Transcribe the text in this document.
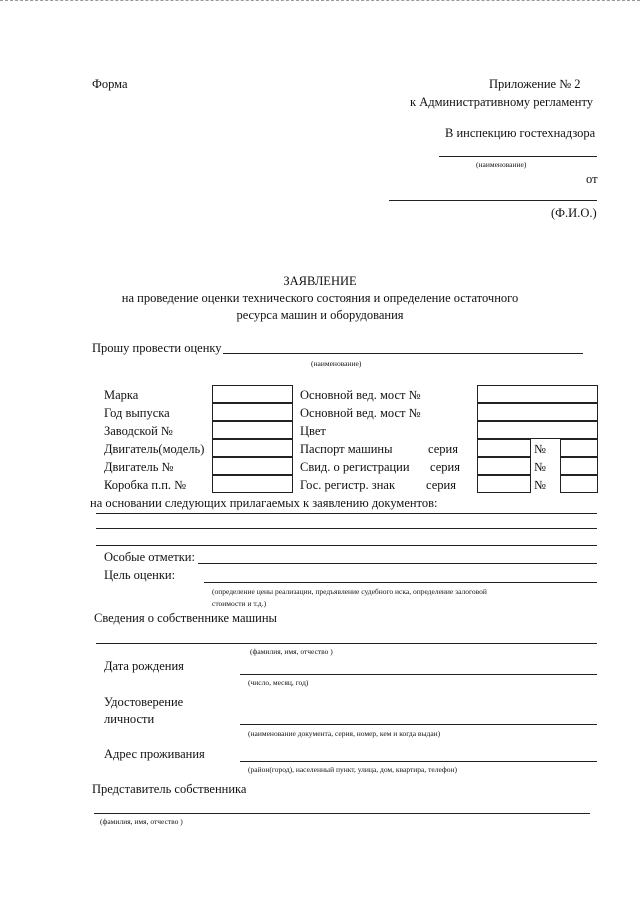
Форма	Приложение № 2
к Административному регламенту
В инспекцию гостехнадзора
(наименование)
от
(Ф.И.О.)
ЗАЯВЛЕНИЕ
на проведение оценки технического состояния и определение остаточного
ресурса машин и оборудования
Прошу провести оценку
(наименование)
Марка
Год выпуска
Заводской №
Двигатель(модель)
Двигатель №
Коробка п.п. №
Основной вед. мост №
Основной вед. мост №
Цвет
Паспорт машины
Свид. о регистрации
Гос. регистр. знак
серия
серия
серия
№
№
№
на основании следующих прилагаемых к заявлению документов:
Особые отметки:
Цель оценки:
(определение цены реализации, предъявление судебного иска, определение залоговой
стоимости и т.д.)
Сведения о собственнике машины
(фамилия, имя, отчество )
Дата рождения
(число, месяц, год)
Удостоверение
личности
(наименование документа, серия, номер, кем и когда выдан)
Адрес проживания
(район(город), населенный пункт, улица, дом, квартира, телефон)
Представитель собственника
(фамилия, имя, отчество )
